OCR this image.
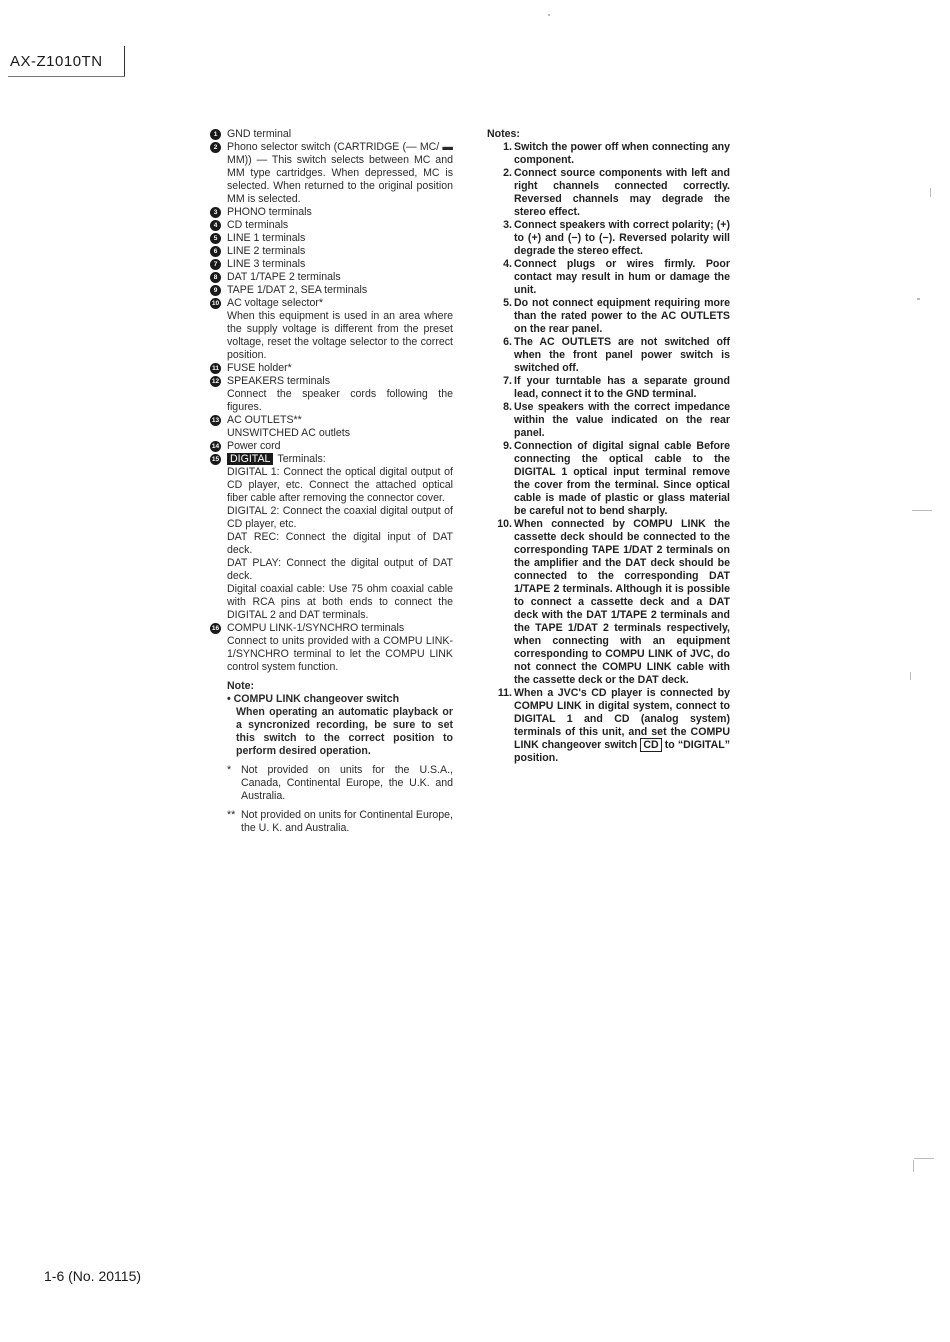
AX-Z1010TN
1 GND terminal
2 Phono selector switch (CARTRIDGE (— MC/ ▬ MM)) — This switch selects between MC and MM type cartridges. When depressed, MC is selected. When returned to the original position MM is selected.
3 PHONO terminals
4 CD terminals
5 LINE 1 terminals
6 LINE 2 terminals
7 LINE 3 terminals
8 DAT 1/TAPE 2 terminals
9 TAPE 1/DAT 2, SEA terminals
10 AC voltage selector*
When this equipment is used in an area where the supply voltage is different from the preset voltage, reset the voltage selector to the correct position.
11 FUSE holder*
12 SPEAKERS terminals
Connect the speaker cords following the figures.
13 AC OUTLETS**
UNSWITCHED AC outlets
14 Power cord
15 DIGITAL Terminals:
DIGITAL 1: Connect the optical digital output of CD player, etc. Connect the attached optical fiber cable after removing the connector cover.
DIGITAL 2: Connect the coaxial digital output of CD player, etc.
DAT REC: Connect the digital input of DAT deck.
DAT PLAY: Connect the digital output of DAT deck.
Digital coaxial cable: Use 75 ohm coaxial cable with RCA pins at both ends to connect the DIGITAL 2 and DAT terminals.
16 COMPU LINK-1/SYNCHRO terminals
Connect to units provided with a COMPU LINK-1/SYNCHRO terminal to let the COMPU LINK control system function.
Note:
• COMPU LINK changeover switch
When operating an automatic playback or a syncronized recording, be sure to set this switch to the correct position to perform desired operation.
* Not provided on units for the U.S.A., Canada, Continental Europe, the U.K. and Australia.
** Not provided on units for Continental Europe, the U. K. and Australia.
Notes:
1. Switch the power off when connecting any component.
2. Connect source components with left and right channels connected correctly. Reversed channels may degrade the stereo effect.
3. Connect speakers with correct polarity; (+) to (+) and (−) to (−). Reversed polarity will degrade the stereo effect.
4. Connect plugs or wires firmly. Poor contact may result in hum or damage the unit.
5. Do not connect equipment requiring more than the rated power to the AC OUTLETS on the rear panel.
6. The AC OUTLETS are not switched off when the front panel power switch is switched off.
7. If your turntable has a separate ground lead, connect it to the GND terminal.
8. Use speakers with the correct impedance within the value indicated on the rear panel.
9. Connection of digital signal cable Before connecting the optical cable to the DIGITAL 1 optical input terminal remove the cover from the terminal. Since optical cable is made of plastic or glass material be careful not to bend sharply.
10. When connected by COMPU LINK the cassette deck should be connected to the corresponding TAPE 1/DAT 2 terminals on the amplifier and the DAT deck should be connected to the corresponding DAT 1/TAPE 2 terminals. Although it is possible to connect a cassette deck and a DAT deck with the DAT 1/TAPE 2 terminals and the TAPE 1/DAT 2 terminals respectively, when connecting with an equipment corresponding to COMPU LINK of JVC, do not connect the COMPU LINK cable with the cassette deck or the DAT deck.
11. When a JVC's CD player is connected by COMPU LINK in digital system, connect to DIGITAL 1 and CD (analog system) terminals of this unit, and set the COMPU LINK changeover switch CD to “DIGITAL” position.
1-6 (No. 20115)
